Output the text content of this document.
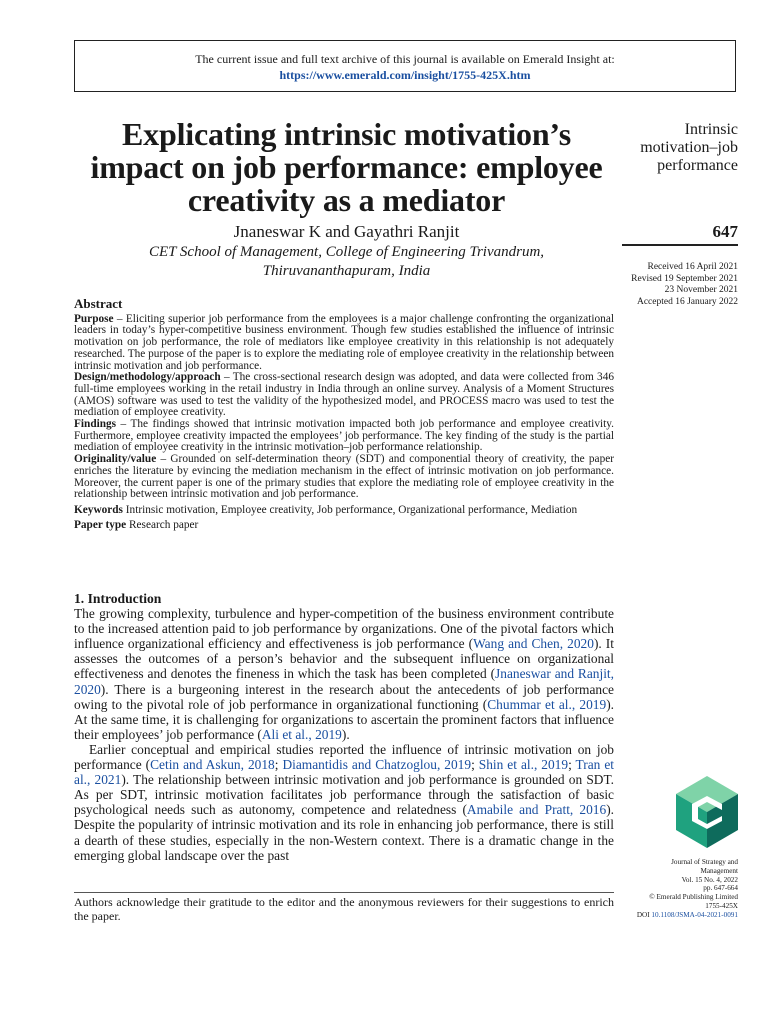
The current issue and full text archive of this journal is available on Emerald Insight at:
https://www.emerald.com/insight/1755-425X.htm
Explicating intrinsic motivation’s impact on job performance: employee creativity as a mediator
Jnaneswar K and Gayathri Ranjit
CET School of Management, College of Engineering Trivandrum,
Thiruvananthapuram, India
Intrinsic
motivation–job
performance
647
Received 16 April 2021
Revised 19 September 2021
23 November 2021
Accepted 16 January 2022
Abstract

Purpose – Eliciting superior job performance from the employees is a major challenge confronting the organizational leaders in today’s hyper-competitive business environment. Though few studies established the influence of intrinsic motivation on job performance, the role of mediators like employee creativity in this relationship is not adequately researched. The purpose of the paper is to explore the mediating role of employee creativity in the relationship between intrinsic motivation and job performance.

Design/methodology/approach – The cross-sectional research design was adopted, and data were collected from 346 full-time employees working in the retail industry in India through an online survey. Analysis of a Moment Structures (AMOS) software was used to test the validity of the hypothesized model, and PROCESS macro was used to test the mediation of employee creativity.

Findings – The findings showed that intrinsic motivation impacted both job performance and employee creativity. Furthermore, employee creativity impacted the employees’ job performance. The key finding of the study is the partial mediation of employee creativity in the intrinsic motivation–job performance relationship.

Originality/value – Grounded on self-determination theory (SDT) and componential theory of creativity, the paper enriches the literature by evincing the mediation mechanism in the effect of intrinsic motivation on job performance. Moreover, the current paper is one of the primary studies that explore the mediating role of employee creativity in the relationship between intrinsic motivation and job performance.

Keywords Intrinsic motivation, Employee creativity, Job performance, Organizational performance, Mediation

Paper type Research paper

1. Introduction

The growing complexity, turbulence and hyper-competition of the business environment contribute to the increased attention paid to job performance by organizations. One of the pivotal factors which influence organizational efficiency and effectiveness is job performance (Wang and Chen, 2020). It assesses the outcomes of a person’s behavior and the subsequent influence on organizational effectiveness and denotes the fineness in which the task has been completed (Jnaneswar and Ranjit, 2020). There is a burgeoning interest in the research about the antecedents of job performance owing to the pivotal role of job performance in organizational functioning (Chummar et al., 2019). At the same time, it is challenging for organizations to ascertain the prominent factors that influence their employees’ job performance (Ali et al., 2019).

Earlier conceptual and empirical studies reported the influence of intrinsic motivation on job performance (Cetin and Askun, 2018; Diamantidis and Chatzoglou, 2019; Shin et al., 2019; Tran et al., 2021). The relationship between intrinsic motivation and job performance is grounded on SDT. As per SDT, intrinsic motivation facilitates job performance through the satisfaction of basic psychological needs such as autonomy, competence and relatedness (Amabile and Pratt, 2016). Despite the popularity of intrinsic motivation and its role in enhancing job performance, there is still a dearth of these studies, especially in the non-Western context. There is a dramatic change in the emerging global landscape over the past

Authors acknowledge their gratitude to the editor and the anonymous reviewers for their suggestions to enrich the paper.
Journal of Strategy and
Management
Vol. 15 No. 4, 2022
pp. 647-664
© Emerald Publishing Limited
1755-425X
DOI 10.1108/JSMA-04-2021-0091
